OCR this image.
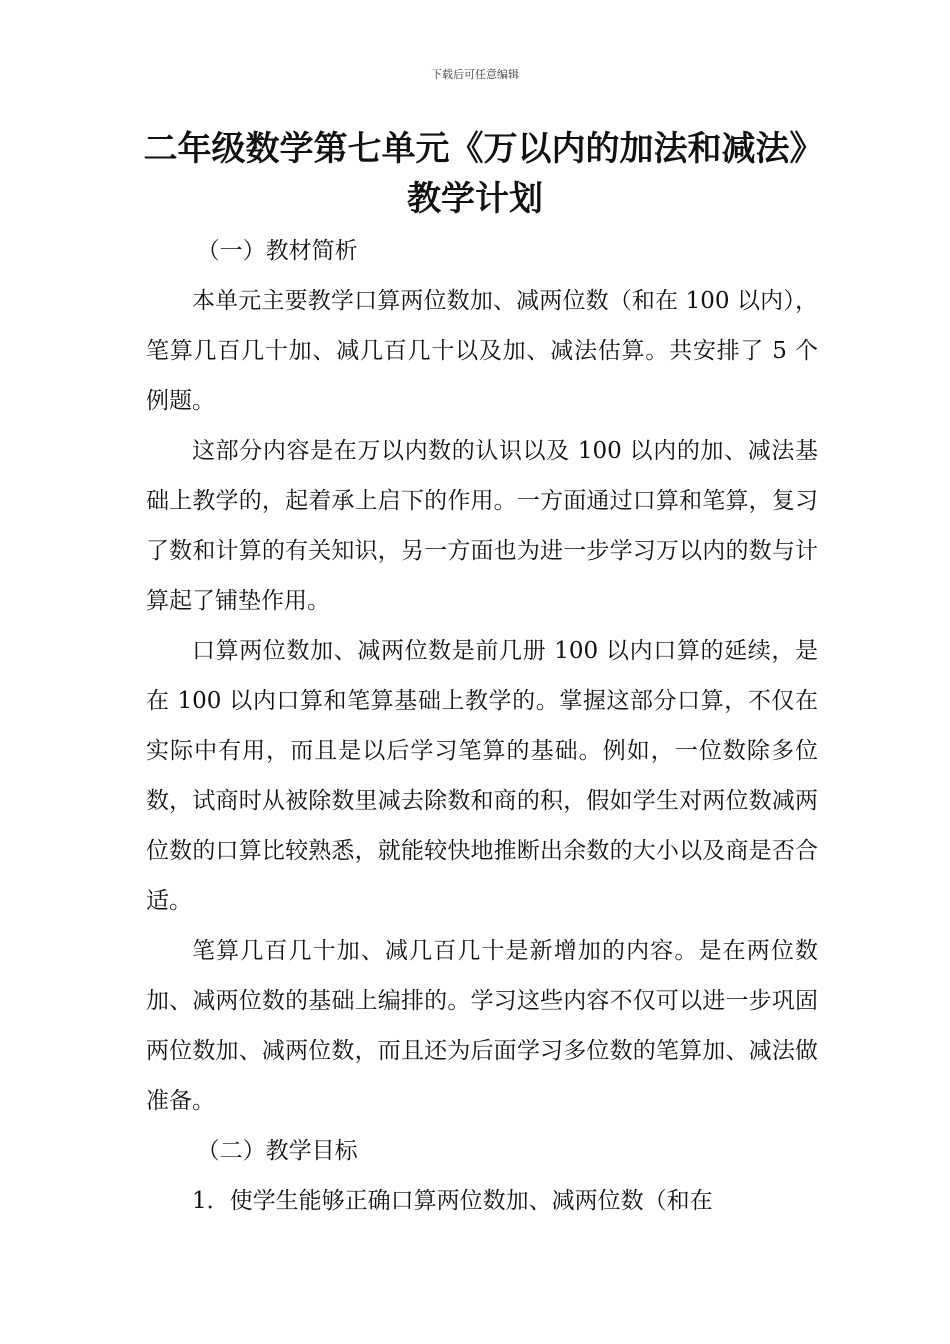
下载后可任意编辑
二年级数学第七单元《万以内的加法和减法》教学计划

（一）教材简析

本单元主要教学口算两位数加、减两位数（和在 100 以内），笔算几百几十加、减几百几十以及加、减法估算。共安排了 5 个例题。

这部分内容是在万以内数的认识以及 100 以内的加、减法基础上教学的，起着承上启下的作用。一方面通过口算和笔算，复习了数和计算的有关知识，另一方面也为进一步学习万以内的数与计算起了铺垫作用。

口算两位数加、减两位数是前几册 100 以内口算的延续，是在 100 以内口算和笔算基础上教学的。掌握这部分口算，不仅在实际中有用，而且是以后学习笔算的基础。例如，一位数除多位数，试商时从被除数里减去除数和商的积，假如学生对两位数减两位数的口算比较熟悉，就能较快地推断出余数的大小以及商是否合适。

笔算几百几十加、减几百几十是新增加的内容。是在两位数加、减两位数的基础上编排的。学习这些内容不仅可以进一步巩固两位数加、减两位数，而且还为后面学习多位数的笔算加、减法做准备。

（二）教学目标

1．使学生能够正确口算两位数加、减两位数（和在
